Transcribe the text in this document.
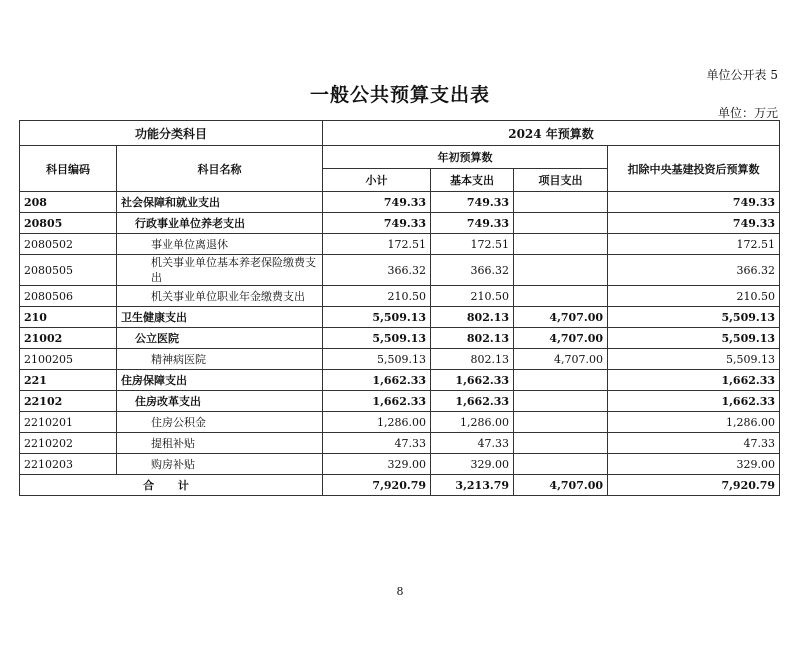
单位公开表 5
一般公共预算支出表
单位：万元
功能分类科目		2024 年预算数			
科目编码	科目名称	年初预算数			扣除中央基建投资后预算数
		小计	基本支出	项目支出	
208	社会保障和就业支出	749.33	749.33		749.33
20805	行政事业单位养老支出	749.33	749.33		749.33
2080502	事业单位离退休	172.51	172.51		172.51
2080505	机关事业单位基本养老保险缴费支出	366.32	366.32		366.32
2080506	机关事业单位职业年金缴费支出	210.50	210.50		210.50
210	卫生健康支出	5,509.13	802.13	4,707.00	5,509.13
21002	公立医院	5,509.13	802.13	4,707.00	5,509.13
2100205	精神病医院	5,509.13	802.13	4,707.00	5,509.13
221	住房保障支出	1,662.33	1,662.33		1,662.33
22102	住房改革支出	1,662.33	1,662.33		1,662.33
2210201	住房公积金	1,286.00	1,286.00		1,286.00
2210202	提租补贴	47.33	47.33		47.33
2210203	购房补贴	329.00	329.00		329.00
合 计		7,920.79	3,213.79	4,707.00	7,920.79
8
